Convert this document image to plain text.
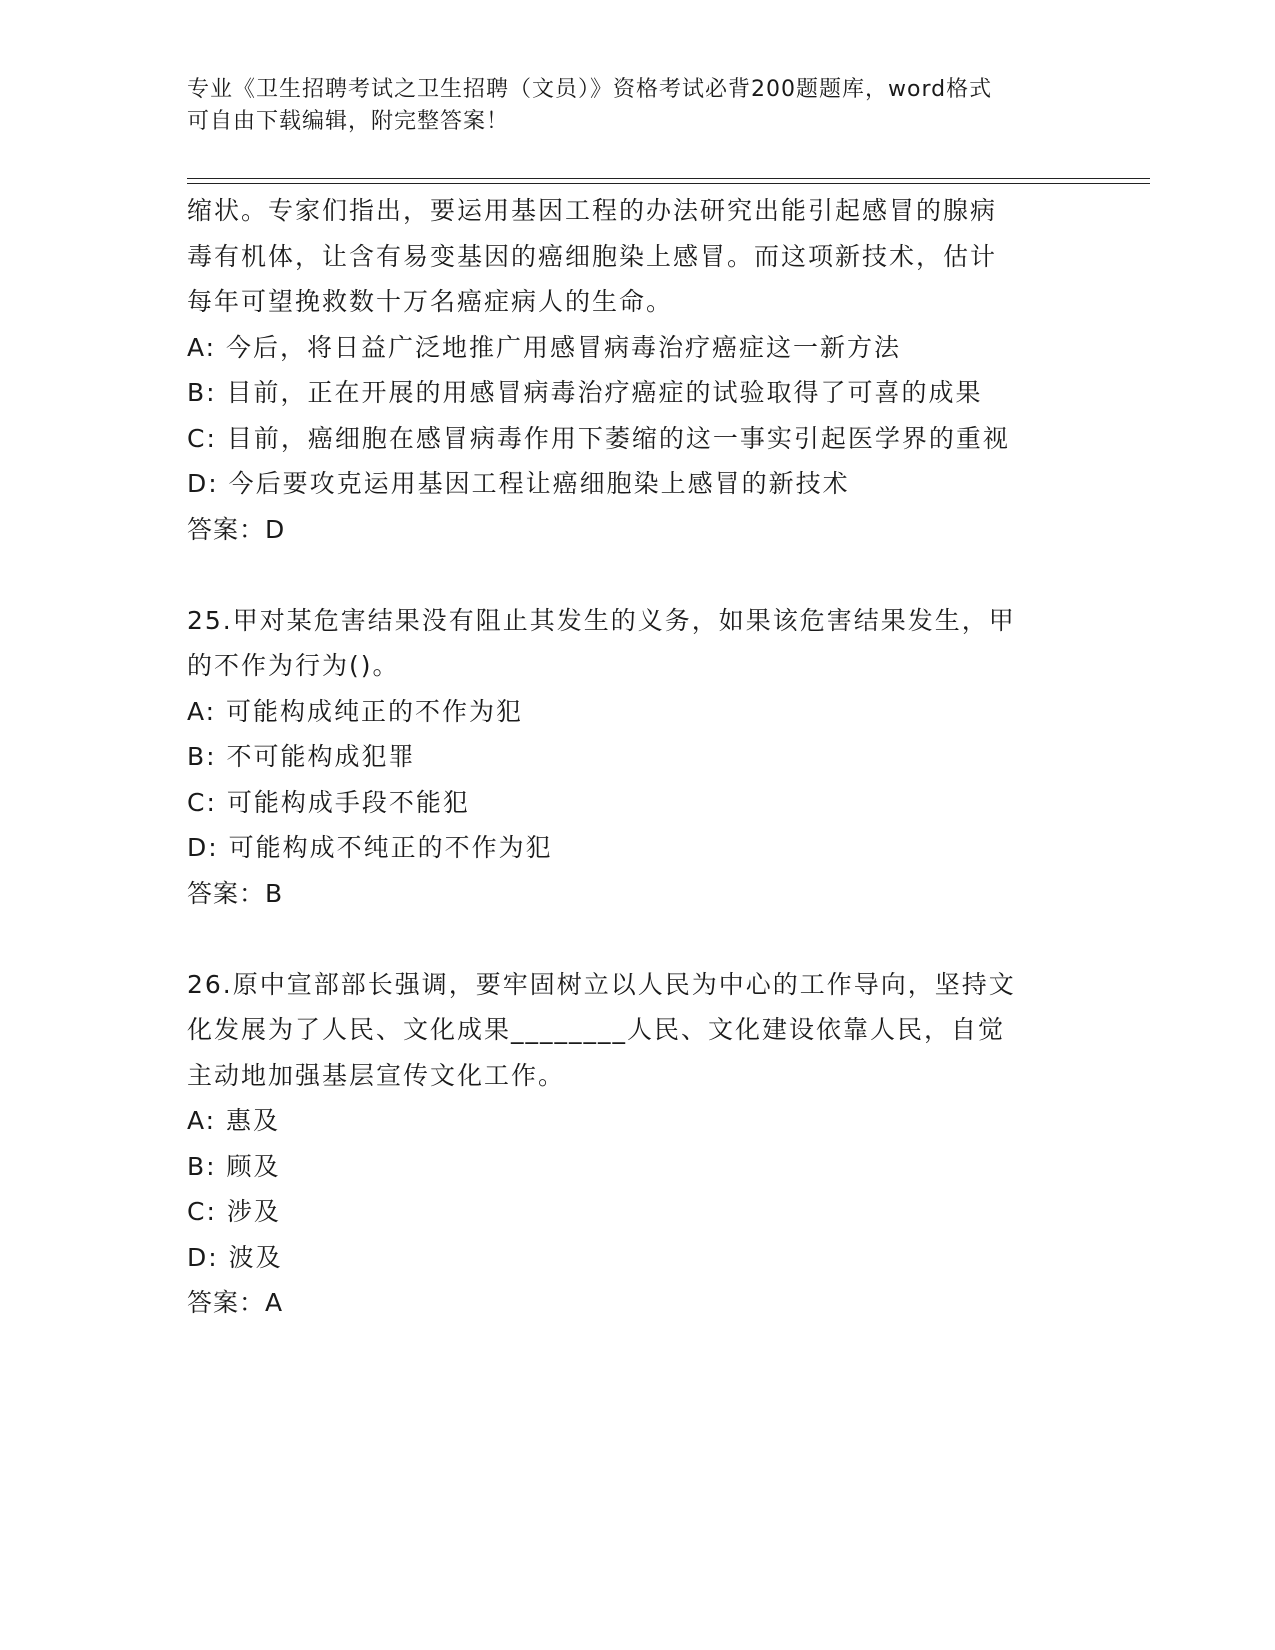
专业《卫生招聘考试之卫生招聘（文员）》资格考试必背200题题库，word格式
可自由下载编辑，附完整答案！
缩状。专家们指出，要运用基因工程的办法研究出能引起感冒的腺病
毒有机体，让含有易变基因的癌细胞染上感冒。而这项新技术，估计
每年可望挽救数十万名癌症病人的生命。
A: 今后，将日益广泛地推广用感冒病毒治疗癌症这一新方法
B: 目前，正在开展的用感冒病毒治疗癌症的试验取得了可喜的成果
C: 目前，癌细胞在感冒病毒作用下萎缩的这一事实引起医学界的重视
D: 今后要攻克运用基因工程让癌细胞染上感冒的新技术
答案：D
25.甲对某危害结果没有阻止其发生的义务，如果该危害结果发生，甲
的不作为行为()。
A: 可能构成纯正的不作为犯
B: 不可能构成犯罪
C: 可能构成手段不能犯
D: 可能构成不纯正的不作为犯
答案：B
26.原中宣部部长强调，要牢固树立以人民为中心的工作导向，坚持文
化发展为了人民、文化成果________人民、文化建设依靠人民，自觉
主动地加强基层宣传文化工作。
A: 惠及
B: 顾及
C: 涉及
D: 波及
答案：A
